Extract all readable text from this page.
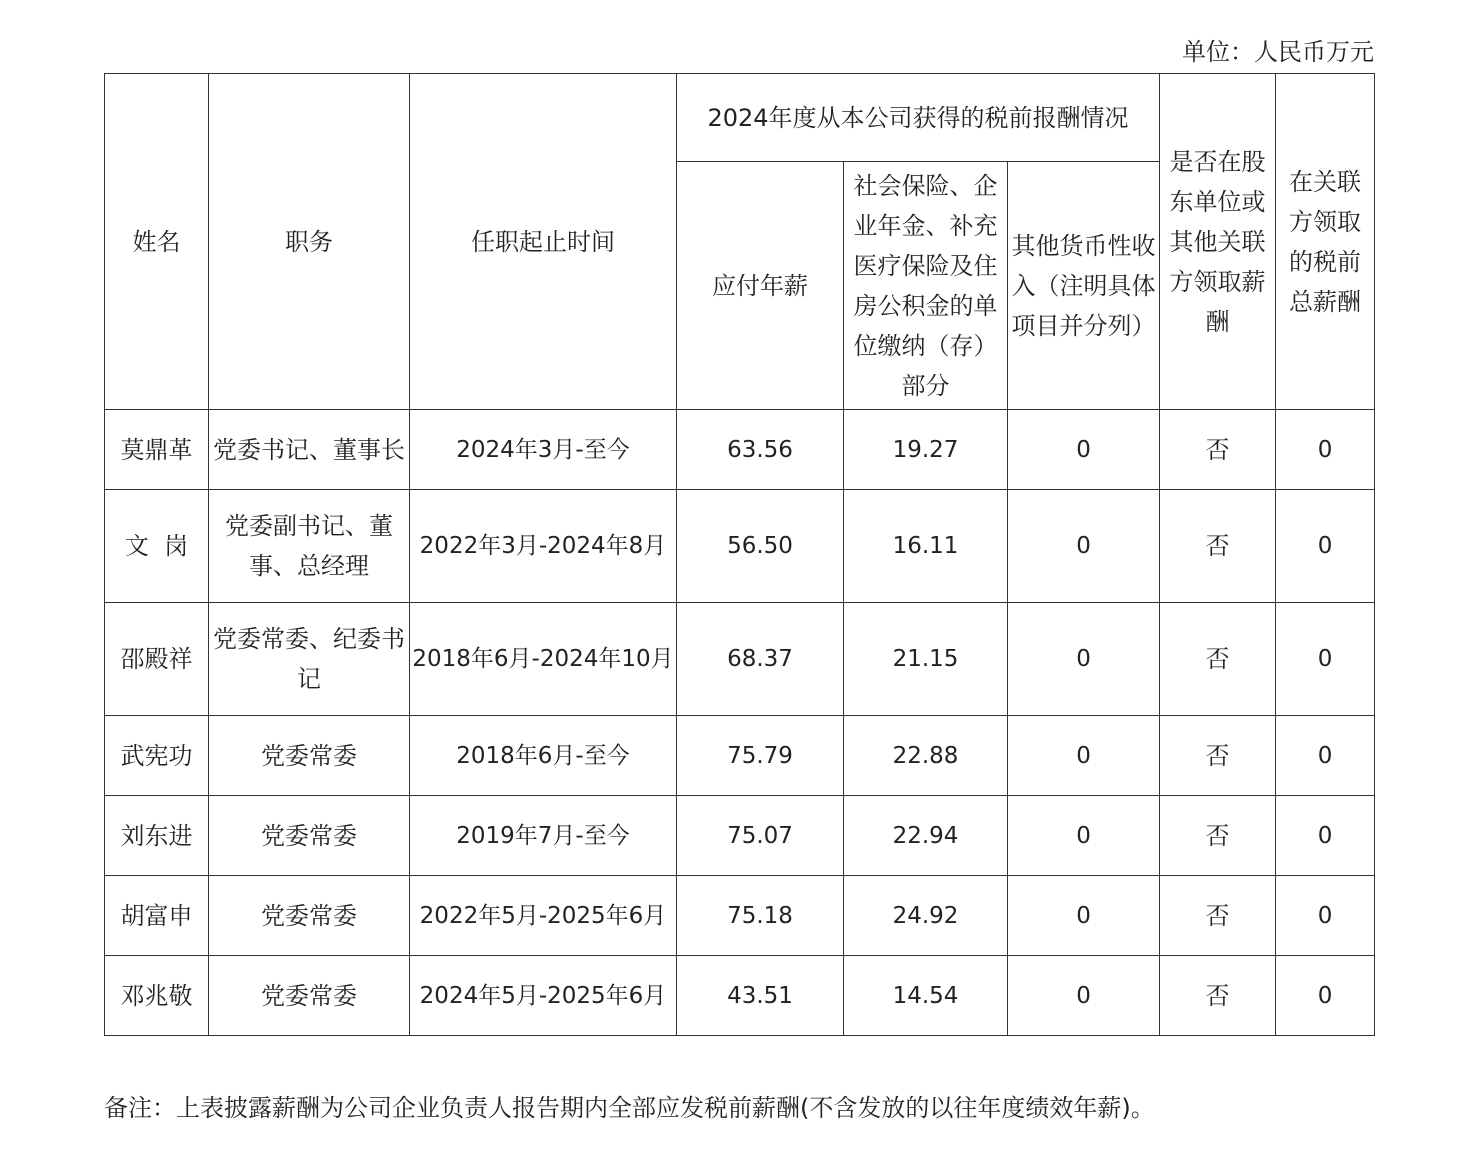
单位：人民币万元
姓名	职务	任职起止时间	2024年度从本公司获得的税前报酬情况			是否在股东单位或其他关联方领取薪酬	在关联方领取的税前总薪酬
			应付年薪	社会保险、企业年金、补充医疗保险及住房公积金的单位缴纳（存）部分	其他货币性收入（注明具体项目并分列）		
莫鼎革	党委书记、董事长	2024年3月-至今	63.56	19.27	0	否	0
文  岗	党委副书记、董事、总经理	2022年3月-2024年8月	56.50	16.11	0	否	0
邵殿祥	党委常委、纪委书记	2018年6月-2024年10月	68.37	21.15	0	否	0
武宪功	党委常委	2018年6月-至今	75.79	22.88	0	否	0
刘东进	党委常委	2019年7月-至今	75.07	22.94	0	否	0
胡富申	党委常委	2022年5月-2025年6月	75.18	24.92	0	否	0
邓兆敬	党委常委	2024年5月-2025年6月	43.51	14.54	0	否	0
备注：上表披露薪酬为公司企业负责人报告期内全部应发税前薪酬(不含发放的以往年度绩效年薪)。
